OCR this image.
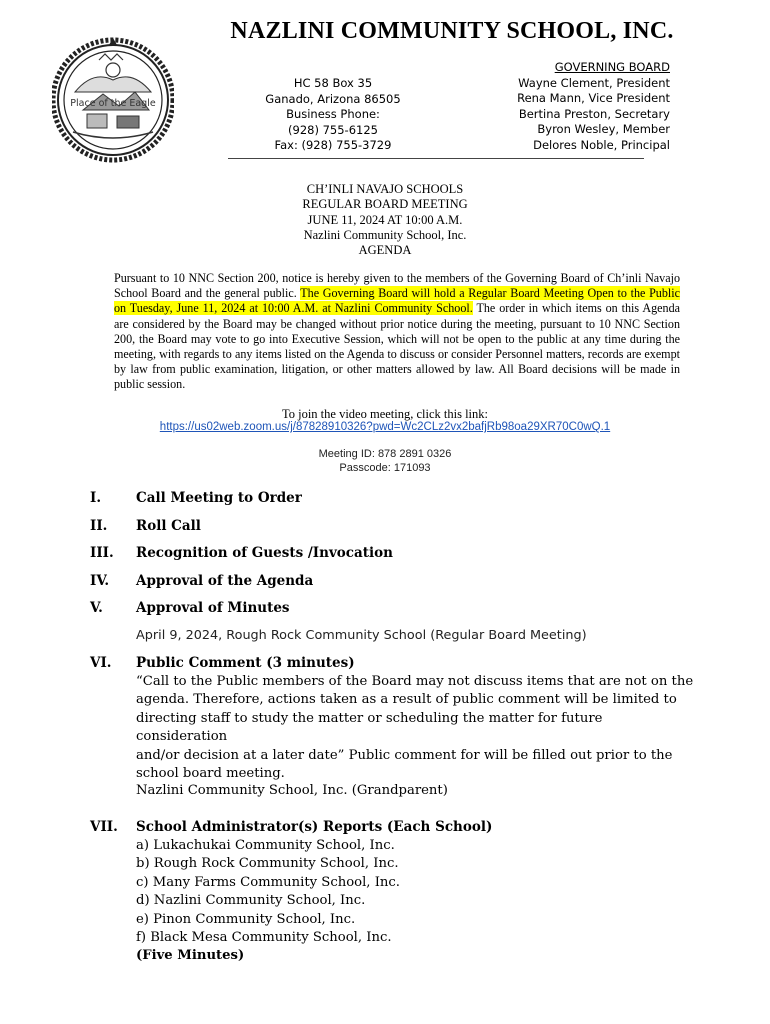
NAZLINI COMMUNITY SCHOOL, INC.
Place of the Eagle
HC 58 Box 35
Ganado, Arizona 86505
Business Phone:
(928) 755-6125
Fax: (928) 755-3729
GOVERNING BOARD
Wayne Clement, President
Rena Mann, Vice President
Bertina Preston, Secretary
Byron Wesley, Member
Delores Noble, Principal
CH’INLI NAVAJO SCHOOLS
REGULAR BOARD MEETING
JUNE 11, 2024 AT 10:00 A.M.
Nazlini Community School, Inc.
AGENDA
Pursuant to 10 NNC Section 200, notice is hereby given to the members of the Governing Board of Ch’inli Navajo School Board and the general public. The Governing Board will hold a Regular Board Meeting Open to the Public on Tuesday, June 11, 2024 at 10:00 A.M. at Nazlini Community School. The order in which items on this Agenda are considered by the Board may be changed without prior notice during the meeting, pursuant to 10 NNC Section 200, the Board may vote to go into Executive Session, which will not be open to the public at any time during the meeting, with regards to any items listed on the Agenda to discuss or consider Personnel matters, records are exempt by law from public examination, litigation, or other matters allowed by law. All Board decisions will be made in public session.
To join the video meeting, click this link:
https://us02web.zoom.us/j/87828910326?pwd=Wc2CLz2vx2bafjRb98oa29XR70C0wQ.1
Meeting ID: 878 2891 0326
Passcode: 171093
I.	Call Meeting to Order
II. Roll Call
III. Recognition of Guests /Invocation
IV. Approval of the Agenda
V. Approval of Minutes
April 9, 2024, Rough Rock Community School (Regular Board Meeting)
VI. Public Comment (3 minutes)
“Call to the Public members of the Board may not discuss items that are not on the
agenda. Therefore, actions taken as a result of public comment will be limited to
directing staff to study the matter or scheduling the matter for future consideration
and/or decision at a later date” Public comment for will be filled out prior to the
school board meeting.
Nazlini Community School, Inc. (Grandparent)
VII. School Administrator(s) Reports (Each School)
a) Lukachukai Community School, Inc.
b) Rough Rock Community School, Inc.
c) Many Farms Community School, Inc.
d) Nazlini Community School, Inc.
e) Pinon Community School, Inc.
f) Black Mesa Community School, Inc.
(Five Minutes)
